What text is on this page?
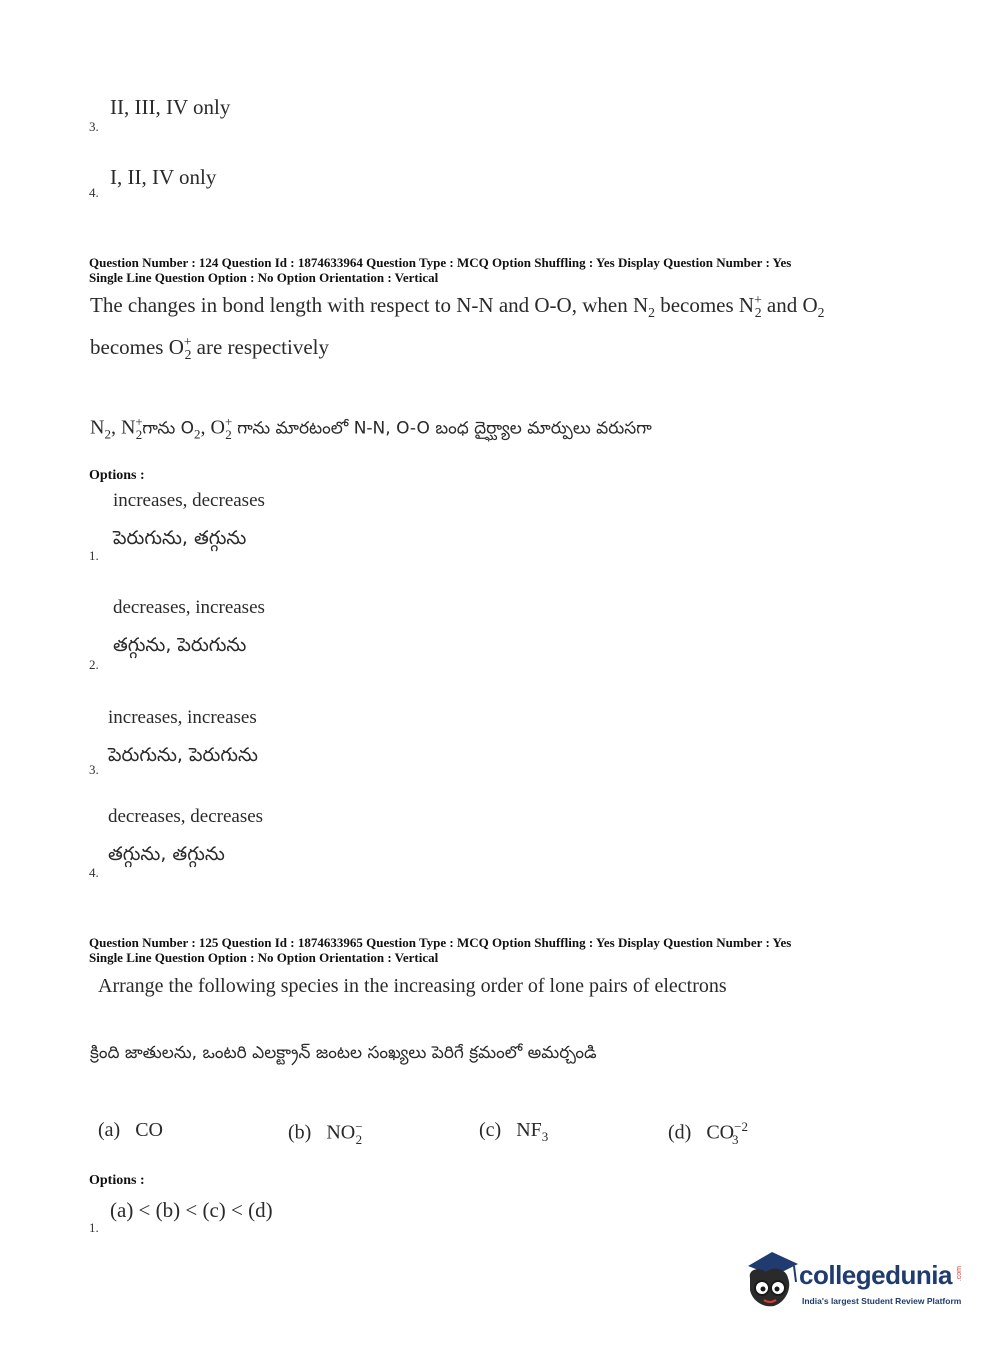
II, III, IV only
3.
I, II, IV only
4.
Question Number : 124 Question Id : 1874633964 Question Type : MCQ Option Shuffling : Yes Display Question Number : Yes
Single Line Question Option : No Option Orientation : Vertical
The changes in bond length with respect to N-N and O-O, when $N_2$ becomes $N^+_2$ and $O_2$
becomes $O^+_2$ are respectively
$N_2$, $N^+_2గాను$ $O_2$, $O^+_2$ గాను మారటంలో N-N, O-O బంధ దైర్ఘ్యాల మార్పులు వరుసగా
Options :
increases, decreases
పెరుగును, తగ్గును
1.
decreases, increases
తగ్గును, పెరుగును
2.
increases, increases
పెరుగును, పెరుగును
3.
decreases, decreases
తగ్గును, తగ్గును
4.
Question Number : 125 Question Id : 1874633965 Question Type : MCQ Option Shuffling : Yes Display Question Number : Yes
Single Line Question Option : No Option Orientation : Vertical
Arrange the following species in the increasing order of lone pairs of electrons
క్రింది జాతులను, ఒంటరి ఎలక్ట్రాన్ జంటల సంఖ్యలు పెరిగే క్రమంలో అమర్చండి
(a) CO	(b) $NO^-_2$	(c) $NF_3$	(d) $CO^{-2}_3$
Options :
(a) < (b) < (c) < (d)
1.
collegedunia .com
India's largest Student Review Platform
